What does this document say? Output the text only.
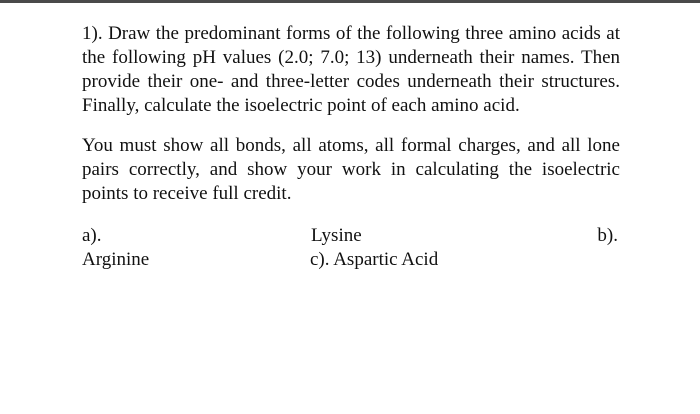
1). Draw the predominant forms of the following three amino acids at the following pH values (2.0; 7.0; 13) underneath their names. Then provide their one- and three-letter codes underneath their structures. Finally, calculate the isoelectric point of each amino acid.

You must show all bonds, all atoms, all formal charges, and all lone pairs correctly, and show your work in calculating the isoelectric points to receive full credit.

a).	Lysine	b).
Arginine	c). Aspartic Acid
